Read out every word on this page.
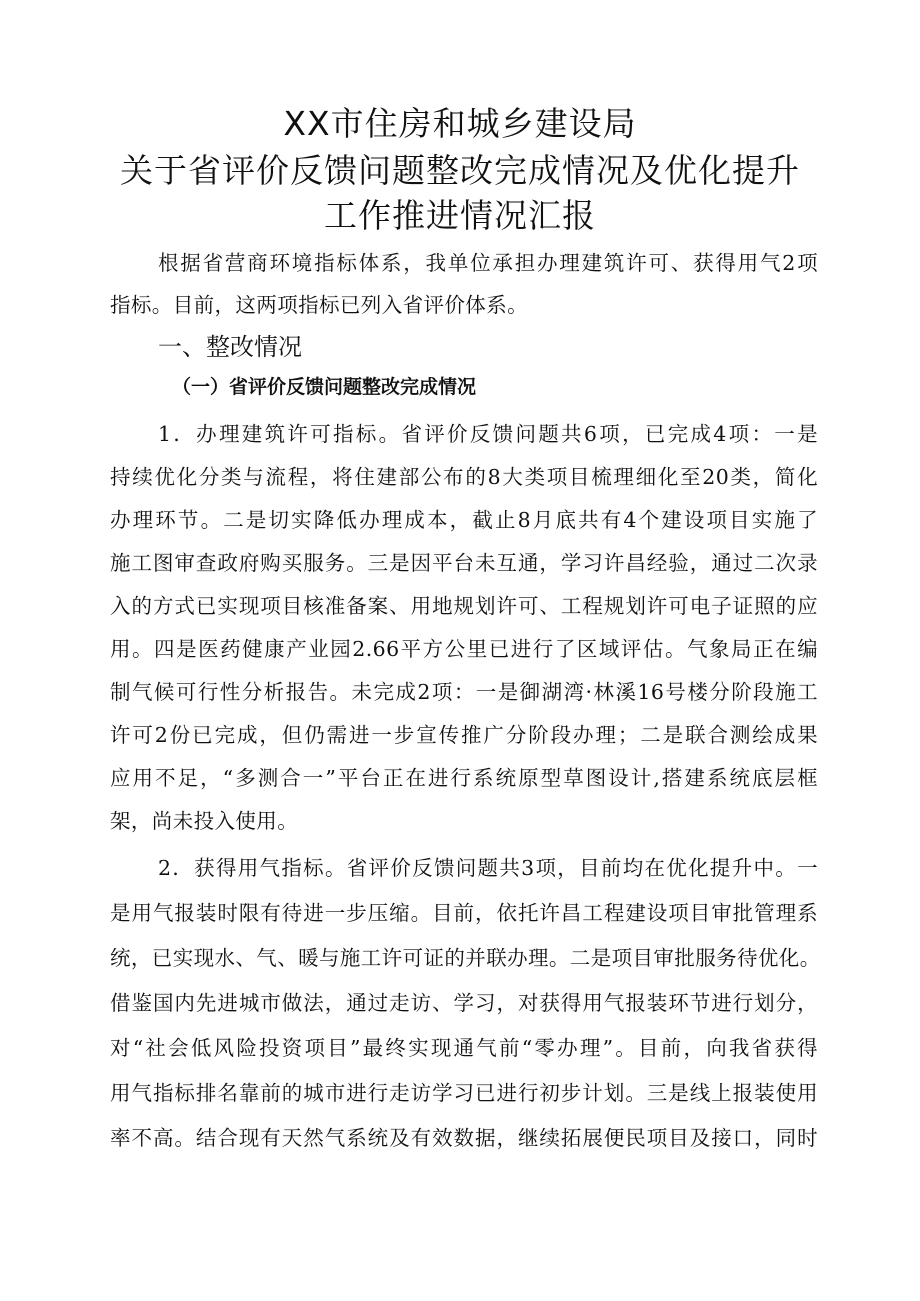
XX市住房和城乡建设局
关于省评价反馈问题整改完成情况及优化提升
工作推进情况汇报
根据省营商环境指标体系，我单位承担办理建筑许可、获得用气2项
指标。目前，这两项指标已列入省评价体系。
一、整改情况
（一）省评价反馈问题整改完成情况
1．办理建筑许可指标。省评价反馈问题共6项，已完成4项：一是
持续优化分类与流程，将住建部公布的8大类项目梳理细化至20类，简化
办理环节。二是切实降低办理成本，截止8月底共有4个建设项目实施了
施工图审查政府购买服务。三是因平台未互通，学习许昌经验，通过二次录
入的方式已实现项目核准备案、用地规划许可、工程规划许可电子证照的应
用。四是医药健康产业园2.66平方公里已进行了区域评估。气象局正在编
制气候可行性分析报告。未完成2项：一是御湖湾·林溪16号楼分阶段施工
许可2份已完成，但仍需进一步宣传推广分阶段办理；二是联合测绘成果
应用不足，“多测合一”平台正在进行系统原型草图设计,搭建系统底层框
架，尚未投入使用。
2．获得用气指标。省评价反馈问题共3项，目前均在优化提升中。一
是用气报装时限有待进一步压缩。目前，依托许昌工程建设项目审批管理系
统，已实现水、气、暖与施工许可证的并联办理。二是项目审批服务待优化。
借鉴国内先进城市做法，通过走访、学习，对获得用气报装环节进行划分，
对“社会低风险投资项目”最终实现通气前“零办理”。目前，向我省获得
用气指标排名靠前的城市进行走访学习已进行初步计划。三是线上报装使用
率不高。结合现有天然气系统及有效数据，继续拓展便民项目及接口，同时
